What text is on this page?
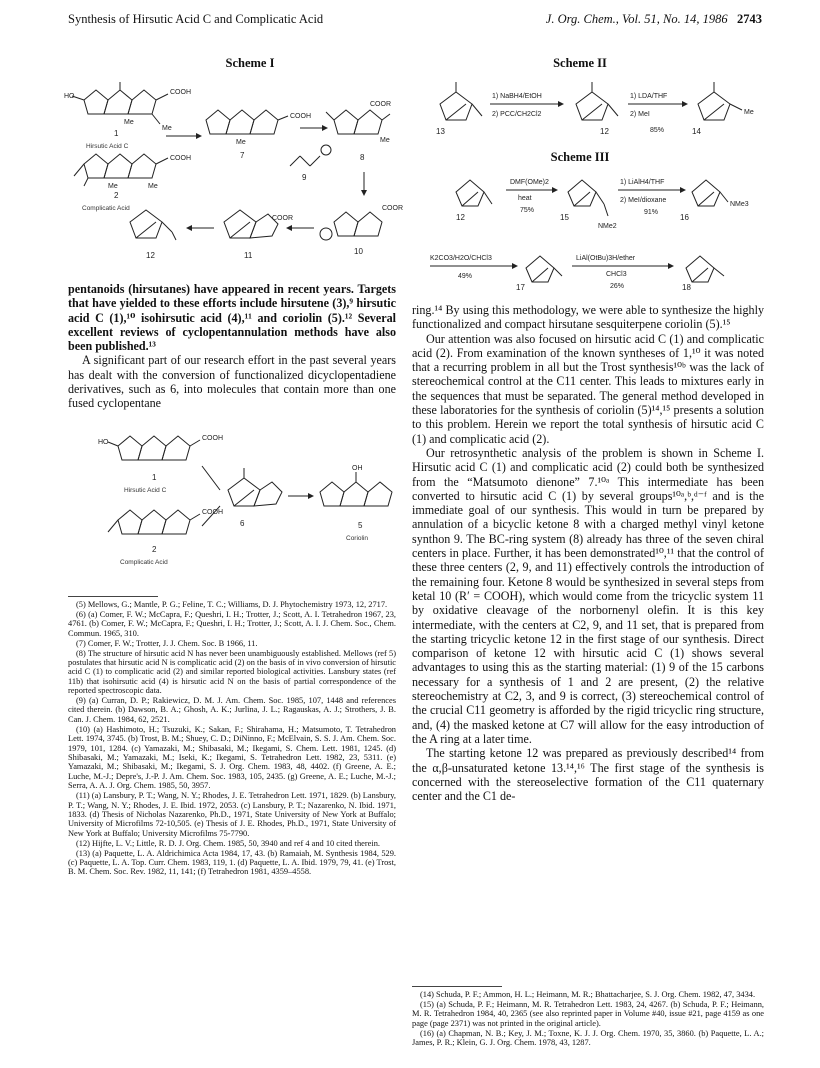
Synthesis of Hirsutic Acid C and Complicatic Acid	J. Org. Chem., Vol. 51, No. 14, 1986 2743
Scheme I
HO
COOH
Me
Me
1
Hirsutic Acid C
COOH
Me	Me
2
Complicatic Acid
COOH
Me
7
COOR
Me
8
9
COOR
10
COOR
11
12
Scheme II
13
1) NaBH4/EtOH
2) PCC/CH2Cl2
12
1) LDA/THF
2) MeI
85%
Me
14
Scheme III
12
DMF(OMe)2
heat
75%
15
NMe2
1) LiAlH4/THF
2) MeI/dioxane
91%
NMe3
16
K2CO3/H2O/CHCl3
49%
17
LiAl(OtBu)3H/ether
CHCl3
26%	18

pentanoids (hirsutanes) have appeared in recent years. Targets that have yielded to these efforts include hirsutene (3),⁹ hirsutic acid C (1),¹⁰ isohirsutic acid (4),¹¹ and coriolin (5).¹² Several excellent reviews of cyclopentannulation methods have also been published.¹³

A significant part of our research effort in the past several years has dealt with the conversion of functionalized dicyclopentadiene derivatives, such as 6, into molecules that contain more than one fused cyclopentane

HO
COOH
1
Hirsutic Acid C
COOH
2
Complicatic Acid
6
OH
5
Coriolin

(5) Mellows, G.; Mantle, P. G.; Feline, T. C.; Williams, D. J. Phytochemistry 1973, 12, 2717.

(6) (a) Comer, F. W.; McCapra, F.; Queshri, I. H.; Trotter, J.; Scott, A. I. Tetrahedron 1967, 23, 4761. (b) Comer, F. W.; McCapra, F.; Queshri, I. H.; Trotter, J.; Scott, A. I. J. Chem. Soc., Chem. Commun. 1965, 310.

(7) Comer, F. W.; Trotter, J. J. Chem. Soc. B 1966, 11.

(8) The structure of hirsutic acid N has never been unambiguously established. Mellows (ref 5) postulates that hirsutic acid N is complicatic acid (2) on the basis of in vivo conversion of hirsutic acid C (1) to complicatic acid (2) and similar reported biological activities. Lansbury states (ref 11b) that isohirsutic acid (4) is hirsutic acid N on the basis of partial correspondence of the reported spectroscopic data.

(9) (a) Curran, D. P.; Rakiewicz, D. M. J. Am. Chem. Soc. 1985, 107, 1448 and references cited therein. (b) Dawson, B. A.; Ghosh, A. K.; Jurlina, J. L.; Ragauskas, A. J.; Strothers, J. B. Can. J. Chem. 1984, 62, 2521.

(10) (a) Hashimoto, H.; Tsuzuki, K.; Sakan, F.; Shirahama, H.; Matsumoto, T. Tetrahedron Lett. 1974, 3745. (b) Trost, B. M.; Shuey, C. D.; DiNinno, F.; McElvain, S. S. J. Am. Chem. Soc. 1979, 101, 1284. (c) Yamazaki, M.; Shibasaki, M.; Ikegami, S. Chem. Lett. 1981, 1245. (d) Shibasaki, M.; Yamazaki, M.; Iseki, K.; Ikegami, S. Tetrahedron Lett. 1982, 23, 5311. (e) Yamazaki, M.; Shibasaki, M.; Ikegami, S. J. Org. Chem. 1983, 48, 4402. (f) Greene, A. E.; Luche, M.-J.; Depre's, J.-P. J. Am. Chem. Soc. 1983, 105, 2435. (g) Greene, A. E.; Luche, M.-J.; Serra, A. A. J. Org. Chem. 1985, 50, 3957.

(11) (a) Lansbury, P. T.; Wang, N. Y.; Rhodes, J. E. Tetrahedron Lett. 1971, 1829. (b) Lansbury, P. T.; Wang, N. Y.; Rhodes, J. E. Ibid. 1972, 2053. (c) Lansbury, P. T.; Nazarenko, N. Ibid. 1971, 1833. (d) Thesis of Nicholas Nazarenko, Ph.D., 1971, State University of New York at Buffalo; University of Microfilms 72-10,505. (e) Thesis of J. E. Rhodes, Ph.D., 1971, State University of New York at Buffalo; University Microfilms 75-7790.

(12) Hijfte, L. V.; Little, R. D. J. Org. Chem. 1985, 50, 3940 and ref 4 and 10 cited therein.

(13) (a) Paquette, L. A. Aldrichimica Acta 1984, 17, 43. (b) Ramaiah, M. Synthesis 1984, 529. (c) Paquette, L. A. Top. Curr. Chem. 1983, 119, 1. (d) Paquette, L. A. Ibid. 1979, 79, 41. (e) Trost, B. M. Chem. Soc. Rev. 1982, 11, 141; (f) Tetrahedron 1981, 4359–4558.

ring.¹⁴ By using this methodology, we were able to synthesize the highly functionalized and compact hirsutane sesquiterpene coriolin (5).¹⁵

Our attention was also focused on hirsutic acid C (1) and complicatic acid (2). From examination of the known syntheses of 1,¹⁰ it was noted that a recurring problem in all but the Trost synthesis¹⁰ᵇ was the lack of stereochemical control at the C11 center. This leads to mixtures early in the sequences that must be separated. The general method developed in these laboratories for the synthesis of coriolin (5)¹⁴,¹⁵ presents a solution to this problem. Herein we report the total synthesis of hirsutic acid C (1) and complicatic acid (2).

Our retrosynthetic analysis of the problem is shown in Scheme I. Hirsutic acid C (1) and complicatic acid (2) could both be synthesized from the “Matsumoto dienone” 7.¹⁰ᵃ This intermediate has been converted to hirsutic acid C (1) by several groups¹⁰ᵃ,ᵇ,ᵈ⁻ᶠ and is the immediate goal of our synthesis. This would in turn be prepared by annulation of a bicyclic ketone 8 with a charged methyl vinyl ketone synthon 9. The BC-ring system (8) already has three of the seven chiral centers in place. Further, it has been demonstrated¹⁰,¹¹ that the control of these three centers (2, 9, and 11) effectively controls the introduction of the remaining four. Ketone 8 would be synthesized in several steps from ketal 10 (R′ = COOH), which would come from the tricyclic system 11 by oxidative cleavage of the norbornenyl olefin. It is this key intermediate, with the centers at C2, 9, and 11 set, that is prepared from the starting tricyclic ketone 12 in the first stage of our synthesis. Direct comparison of ketone 12 with hirsutic acid C (1) shows several advantages to using this as the starting material: (1) 9 of the 15 carbons necessary for a synthesis of 1 and 2 are present, (2) the relative stereochemistry at C2, 3, and 9 is correct, (3) stereochemical control of the crucial C11 geometry is afforded by the rigid tricyclic ring structure, and, (4) the masked ketone at C7 will allow for the easy introduction of the A ring at a later time.

The starting ketone 12 was prepared as previously described¹⁴ from the α,β-unsaturated ketone 13.¹⁴,¹⁶ The first stage of the synthesis is concerned with the stereoselective formation of the C11 quaternary center and the C1 de-

(14) Schuda, P. F.; Ammon, H. L.; Heimann, M. R.; Bhattacharjee, S. J. Org. Chem. 1982, 47, 3434.

(15) (a) Schuda, P. F.; Heimann, M. R. Tetrahedron Lett. 1983, 24, 4267. (b) Schuda, P. F.; Heimann, M. R. Tetrahedron 1984, 40, 2365 (see also reprinted paper in Volume #40, issue #21, page 4159 as one page (page 2371) was not printed in the original article).

(16) (a) Chapman, N. B.; Key, J. M.; Toxne, K. J. J. Org. Chem. 1970, 35, 3860. (b) Paquette, L. A.; James, P. R.; Klein, G. J. Org. Chem. 1978, 43, 1287.
